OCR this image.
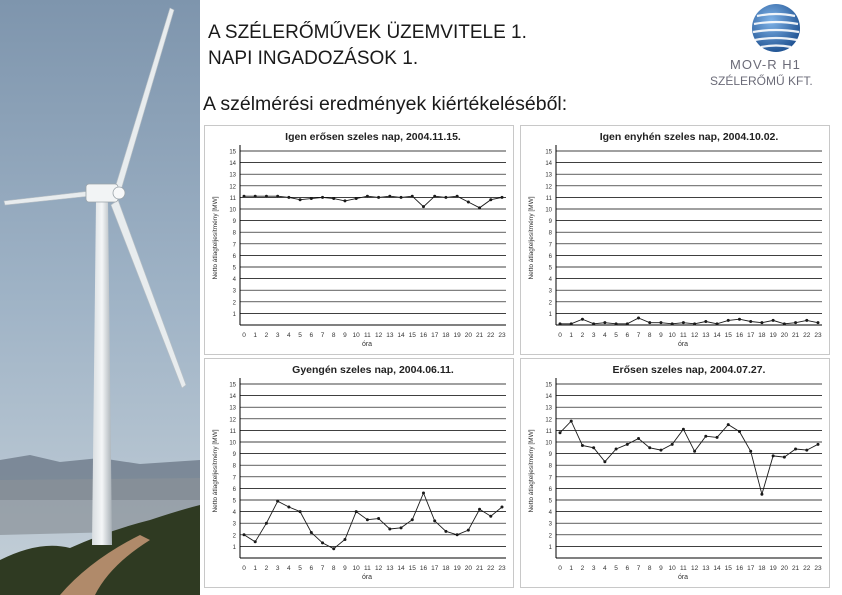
A SZÉLERŐMŰVEK ÜZEMVITELE 1.
NAPI INGADOZÁSOK 1.
A szélmérési eredmények kiértékeléséből:
MOV-R H1
SZÉLERŐMŰ KFT.
Igen erősen szeles nap, 2004.11.15.
1
2
3
4
5
6
7
8
9
10
11
12
13
14
15
0 1 2 3 4 5 6 7 8 9 10 11 12 13 14 15 16 17 18 19 20 21 22 23
óra
Netto átlagteljesítmény [MW]
Igen enyhén szeles nap, 2004.10.02.
1
2
3
4
5
6
7
8
9
10
11
12
13
14
15
0 1 2 3 4 5 6 7 8 9 10 11 12 13 14 15 16 17 18 19 20 21 22 23
óra
Netto átlagteljesítmény [MW]
Gyengén szeles nap, 2004.06.11.
1
2
3
4
5
6
7
8
9
10
11
12
13
14
15
0 1 2 3 4 5 6 7 8 9 10 11 12 13 14 15 16 17 18 19 20 21 22 23
óra
Netto átlagteljesítmény [MW]
Erősen szeles nap, 2004.07.27.
1
2
3
4
5
6
7
8
9
10
11
12
13
14
15
0 1 2 3 4 5 6 7 8 9 10 11 12 13 14 15 16 17 18 19 20 21 22 23
óra
Netto átlagteljesítmény [MW]
